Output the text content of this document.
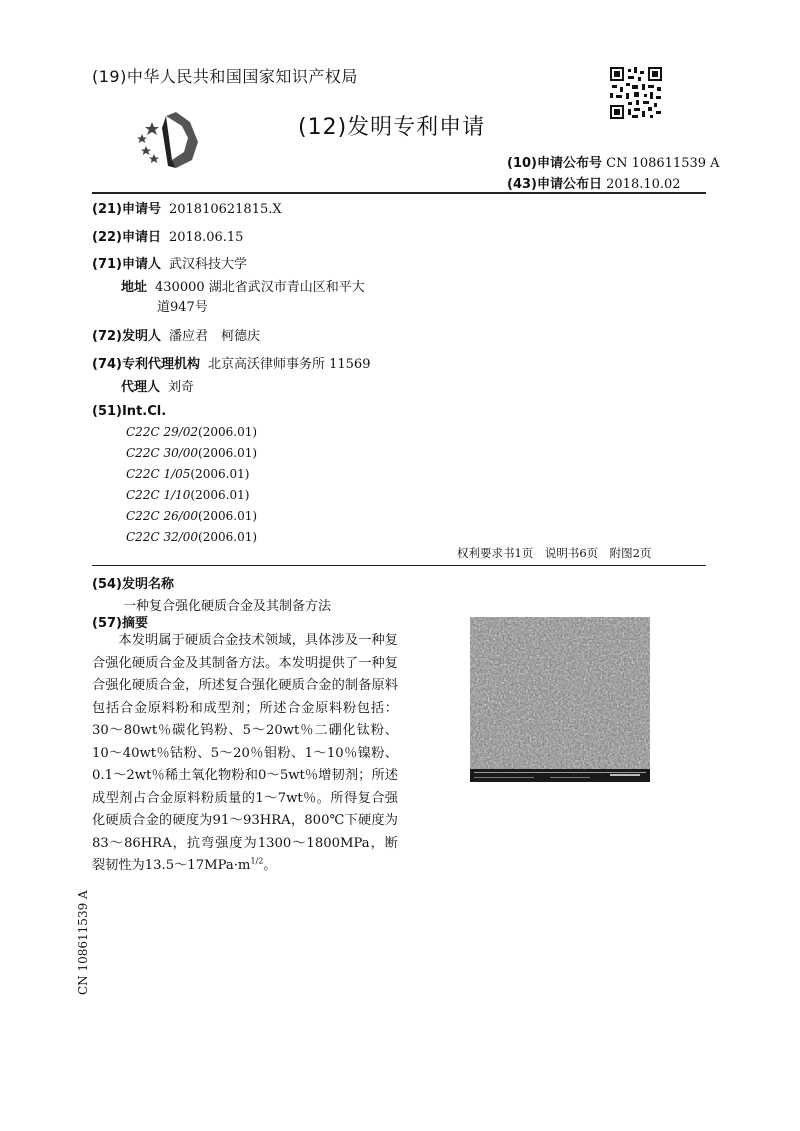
(19)中华人民共和国国家知识产权局
(12)发明专利申请
(10)申请公布号 CN 108611539 A
(43)申请公布日 2018.10.02
(21)申请号 201810621815.X
(22)申请日 2018.06.15
(71)申请人 武汉科技大学
地址 430000 湖北省武汉市青山区和平大
道947号
(72)发明人 潘应君　柯德庆
(74)专利代理机构 北京高沃律师事务所 11569
代理人 刘奇
(51)Int.Cl.
C22C 29/02(2006.01)
C22C 30/00(2006.01)
C22C 1/05(2006.01)
C22C 1/10(2006.01)
C22C 26/00(2006.01)
C22C 32/00(2006.01)
权利要求书1页　说明书6页　附图2页
(54)发明名称
一种复合强化硬质合金及其制备方法
(57)摘要
本发明属于硬质合金技术领域，具体涉及一种复合强化硬质合金及其制备方法。本发明提供了一种复合强化硬质合金，所述复合强化硬质合金的制备原料包括合金原料粉和成型剂；所述合金原料粉包括：30～80wt％碳化钨粉、5～20wt％二硼化钛粉、10～40wt％钴粉、5～20％钼粉、1～10％镍粉、0.1～2wt％稀土氧化物粉和0～5wt％增韧剂；所述成型剂占合金原料粉质量的1～7wt％。所得复合强化硬质合金的硬度为91～93HRA，800℃下硬度为83～86HRA，抗弯强度为1300～1800MPa，断裂韧性为$13.5\sim 17MPa\cdot m^{1/2}$。
CN 108611539 A
